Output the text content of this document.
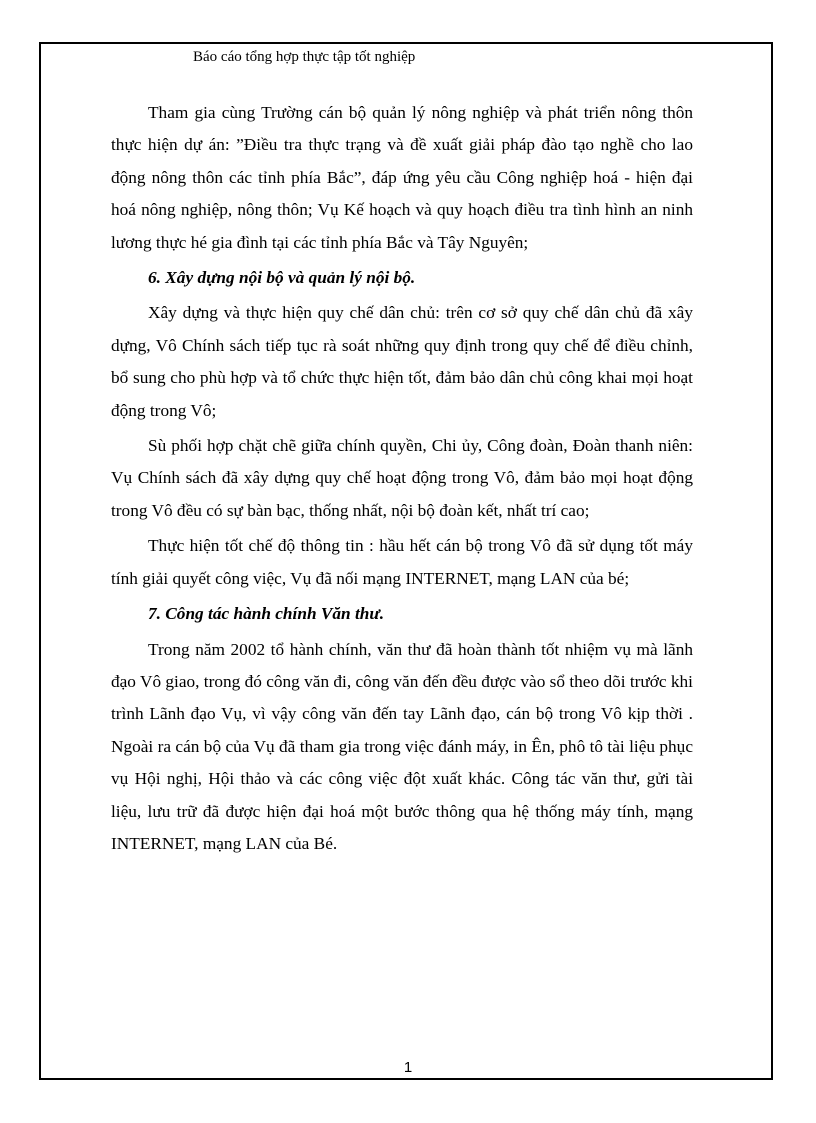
Báo cáo tổng hợp thực tập tốt nghiệp

Tham gia cùng Trường cán bộ quản lý nông nghiệp và phát triển nông thôn thực hiện dự án: ”Điều tra thực trạng và đề xuất giải pháp đào tạo nghề cho lao động nông thôn các tỉnh phía Bắc”, đáp ứng yêu cầu Công nghiệp hoá - hiện đại hoá nông nghiệp, nông thôn; Vụ Kế hoạch và quy hoạch điều tra tình hình an ninh lương thực hé gia đình tại các tỉnh phía Bắc và Tây Nguyên;

6. Xây dựng nội bộ và quản lý nội bộ.

Xây dựng và thực hiện quy chế dân chủ: trên cơ sở quy chế dân chủ đã xây dựng, Vô Chính sách tiếp tục rà soát những quy định trong quy chế để điều chỉnh, bổ sung cho phù hợp và tổ chức thực hiện tốt, đảm bảo dân chủ công khai mọi hoạt động trong Vô;

Sù phối hợp chặt chẽ giữa chính quyền, Chi ủy, Công đoàn, Đoàn thanh niên: Vụ Chính sách đã xây dựng quy chế hoạt động trong Vô, đảm bảo mọi hoạt động trong Vô đều có sự bàn bạc, thống nhất, nội bộ đoàn kết, nhất trí cao;

Thực hiện tốt chế độ thông tin : hầu hết cán bộ trong Vô đã sử dụng tốt máy tính giải quyết công việc, Vụ đã nối mạng INTERNET, mạng LAN của bé;

7. Công tác hành chính Văn thư.

Trong năm 2002 tổ hành chính, văn thư đã hoàn thành tốt nhiệm vụ mà lãnh đạo Vô giao, trong đó công văn đi, công văn đến đều được vào sổ theo dõi trước khi trình Lãnh đạo Vụ, vì vậy công văn đến tay Lãnh đạo, cán bộ trong Vô kịp thời . Ngoài ra cán bộ của Vụ đã tham gia trong việc đánh máy, in Ên, phô tô tài liệu phục vụ Hội nghị, Hội thảo và các công việc đột xuất khác. Công tác văn thư, gửi tài liệu, lưu trữ đã được hiện đại hoá một bước thông qua hệ thống máy tính, mạng INTERNET, mạng LAN của Bé.

1
